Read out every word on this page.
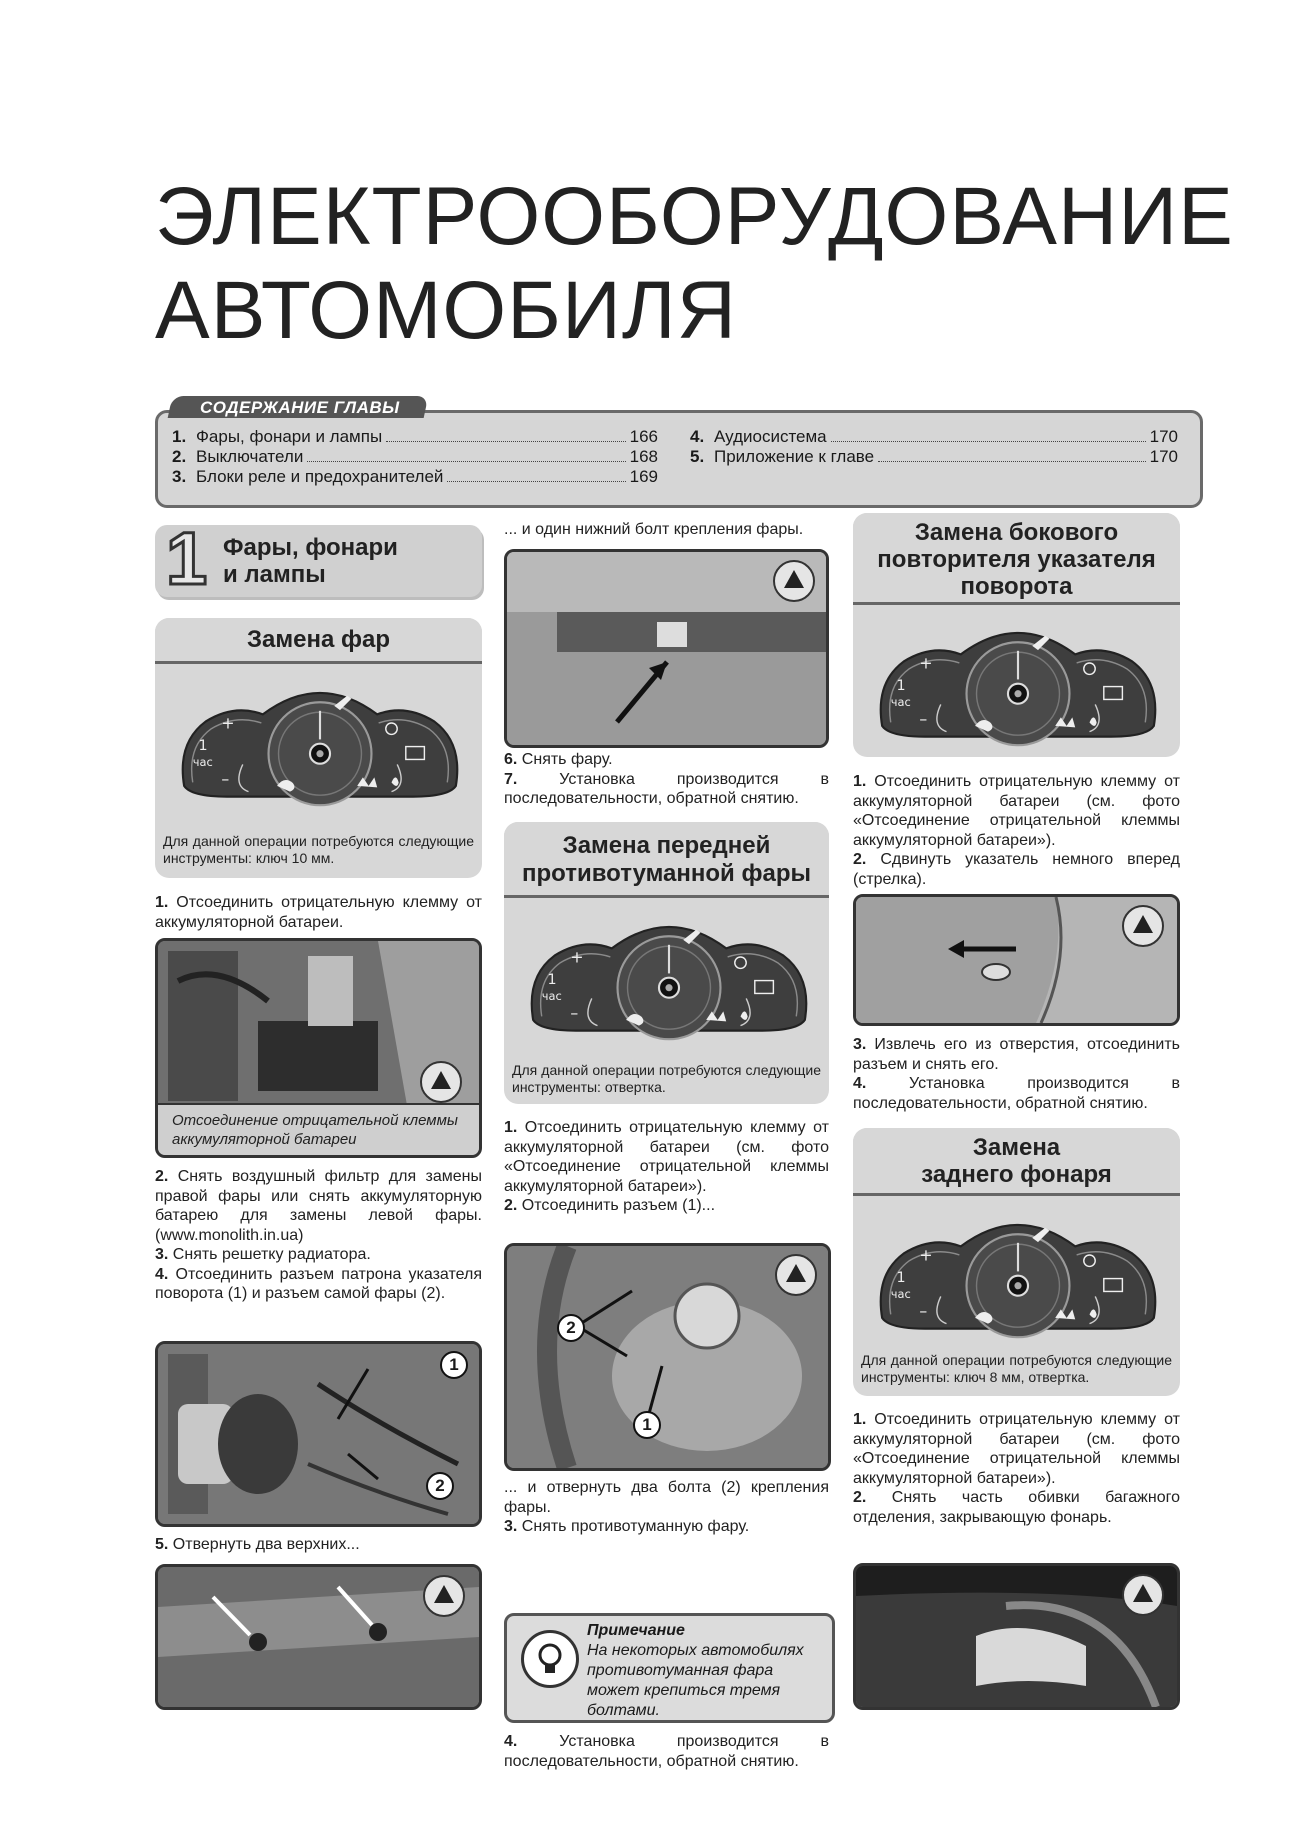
ЭЛЕКТРООБОРУДОВАНИЕ
АВТОМОБИЛЯ
СОДЕРЖАНИЕ ГЛАВЫ
1. Фары, фонари и лампы	166
2. Выключатели	168
3. Блоки реле и предохранителей	169
4. Аудиосистема	170
5. Приложение к главе	170
1 Фары, фонари
и лампы
Замена фар
1
час
Для данной операции потребуются следующие инструменты: ключ 10 мм.
1. Отсоединить отрицательную клемму от аккумуляторной батареи.
Отсоединение отрицательной клеммы аккумуляторной батареи
2. Снять воздушный фильтр для замены правой фары или снять аккумуляторную батарею для замены левой фары. (www.monolith.in.ua)
3. Снять решетку радиатора.
4. Отсоединить разъем патрона указателя поворота (1) и разъем самой фары (2).
1
2
5. Отвернуть два верхних...
... и один нижний болт крепления фары.
6. Снять фару.
7.	Установка производится в последовательности, обратной снятию.
Замена передней
противотуманной фары
1
час
Для данной операции потребуются следующие инструменты: отвертка.
1. Отсоединить отрицательную клемму от аккумуляторной батареи (см. фото «Отсоединение отрицательной клеммы аккумуляторной батареи»).
2. Отсоединить разъем (1)...
2
1
... и отвернуть два болта (2) крепления фары.
3. Снять противотуманную фару.
Примечание
На некоторых автомобилях противотуманная фара может крепиться тремя болтами.
4.	Установка производится в последовательности, обратной снятию.
Замена бокового
повторителя указателя
поворота
1
час
1. Отсоединить отрицательную клемму от аккумуляторной батареи (см. фото «Отсоединение отрицательной клеммы аккумуляторной батареи»).
2. Сдвинуть указатель немного вперед (стрелка).
3. Извлечь его из отверстия, отсоединить разъем и снять его.
4.	Установка производится в последовательности, обратной снятию.
Замена
заднего фонаря
1
час
Для данной операции потребуются следующие инструменты: ключ 8 мм, отвертка.
1. Отсоединить отрицательную клемму от аккумуляторной батареи (см. фото «Отсоединение отрицательной клеммы аккумуляторной батареи»).
2. Снять часть обивки багажного отделения, закрывающую фонарь.
